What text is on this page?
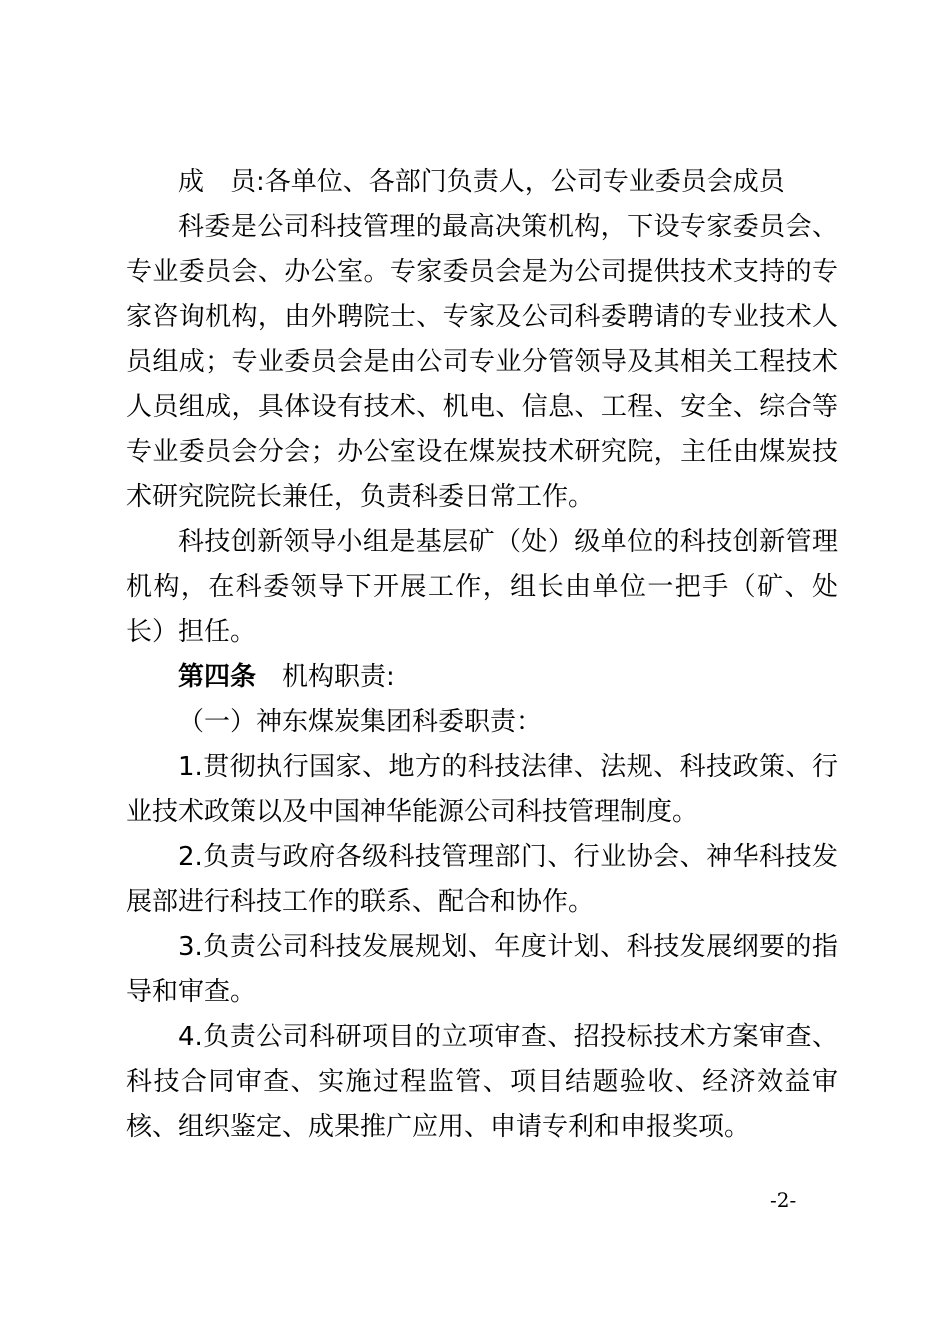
成　员:各单位、各部门负责人，公司专业委员会成员

科委是公司科技管理的最高决策机构，下设专家委员会、专业委员会、办公室。专家委员会是为公司提供技术支持的专家咨询机构，由外聘院士、专家及公司科委聘请的专业技术人员组成；专业委员会是由公司专业分管领导及其相关工程技术人员组成，具体设有技术、机电、信息、工程、安全、综合等专业委员会分会；办公室设在煤炭技术研究院，主任由煤炭技术研究院院长兼任，负责科委日常工作。

科技创新领导小组是基层矿（处）级单位的科技创新管理机构，在科委领导下开展工作，组长由单位一把手（矿、处长）担任。

第四条 机构职责:

（一）神东煤炭集团科委职责：

1.贯彻执行国家、地方的科技法律、法规、科技政策、行业技术政策以及中国神华能源公司科技管理制度。

2.负责与政府各级科技管理部门、行业协会、神华科技发展部进行科技工作的联系、配合和协作。

3.负责公司科技发展规划、年度计划、科技发展纲要的指导和审查。

4.负责公司科研项目的立项审查、招投标技术方案审查、科技合同审查、实施过程监管、项目结题验收、经济效益审核、组织鉴定、成果推广应用、申请专利和申报奖项。

-2-
